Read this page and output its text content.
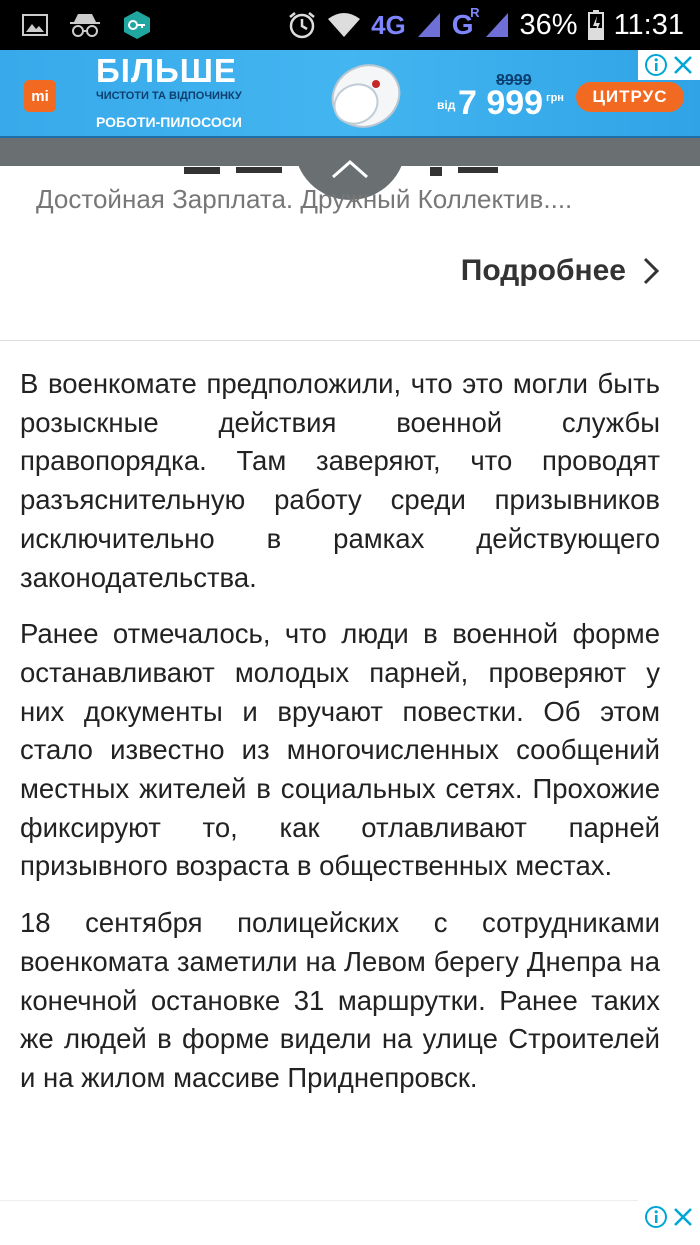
4G G
R 36% 11:31
mi
БІЛЬШЕ
ЧИСТОТИ ТА ВІДПОЧИНКУ
РОБОТИ-ПИЛОСОСИ
8999
від 7 999 грн	ЦИТРУС
Достойная Зарплата. Дружный Коллектив....
Подробнее

В военкомате предположили, что это могли быть розыскные действия военной службы правопорядка. Там заверяют, что проводят разъяснительную работу среди призывников исключительно в рамках действующего законодательства.

Ранее отмечалось, что люди в военной форме останавливают молодых парней, проверяют у них документы и вручают повестки. Об этом стало известно из многочисленных сообщений местных жителей в социальных сетях. Прохожие фиксируют то, как отлавливают парней призывного возраста в общественных местах.

18 сентября полицейских с сотрудниками военкомата заметили на Левом берегу Днепра на конечной остановке 31 маршрутки. Ранее таких же людей в форме видели на улице Строителей и на жилом массиве Приднепровск.
